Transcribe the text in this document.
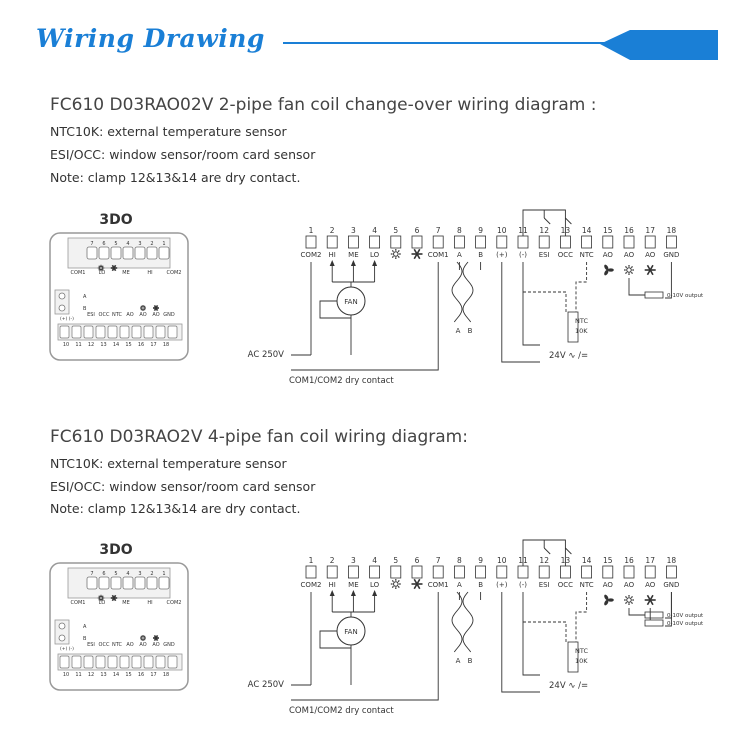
Wiring Drawing
FC610 D03RAO02V 2-pipe fan coil change-over wiring diagram :
NTC10K: external temperature sensor
ESI/OCC: window sensor/room card sensor
Note: clamp 12&13&14 are dry contact.
3DO
7 6 5 4 3 2 1
COM1	LO	ME	HI	COM2
A
B
(+) (-)
ESI OCC NTC AO AO AO GND
10 11 12 13 14 15 16 17 18
1
COM2
2
HI
3
ME
4
LO
5 6 7
COM1
8
A
9
B
10
(+)
11
(-)
12
ESI
13
OCC
14
NTC
15
AO
16
AO
17
AO
18
GND
AC 250V
COM1/COM2 dry contact
FAN
A B
24V ∿ /=
NTC
10K
0-10V output
FC610 D03RAO2V 4-pipe fan coil wiring diagram:
NTC10K: external temperature sensor
ESI/OCC: window sensor/room card sensor
Note: clamp 12&13&14 are dry contact.
3DO
7 6 5 4 3 2 1
COM1	LO	ME	HI	COM2
A
B
(+) (-)
ESI OCC NTC AO AO AO GND
10 11 12 13 14 15 16 17 18
1
COM2
2
HI
3
ME
4
LO
5 6 7
COM1
8
A
9
B
10
(+)
11
(-)
12
ESI
13
OCC
14
NTC
15
AO
16
AO
17
AO
18
GND
AC 250V
COM1/COM2 dry contact
FAN
A B
24V ∿ /=
NTC
10K
0-10V output
0-10V output
